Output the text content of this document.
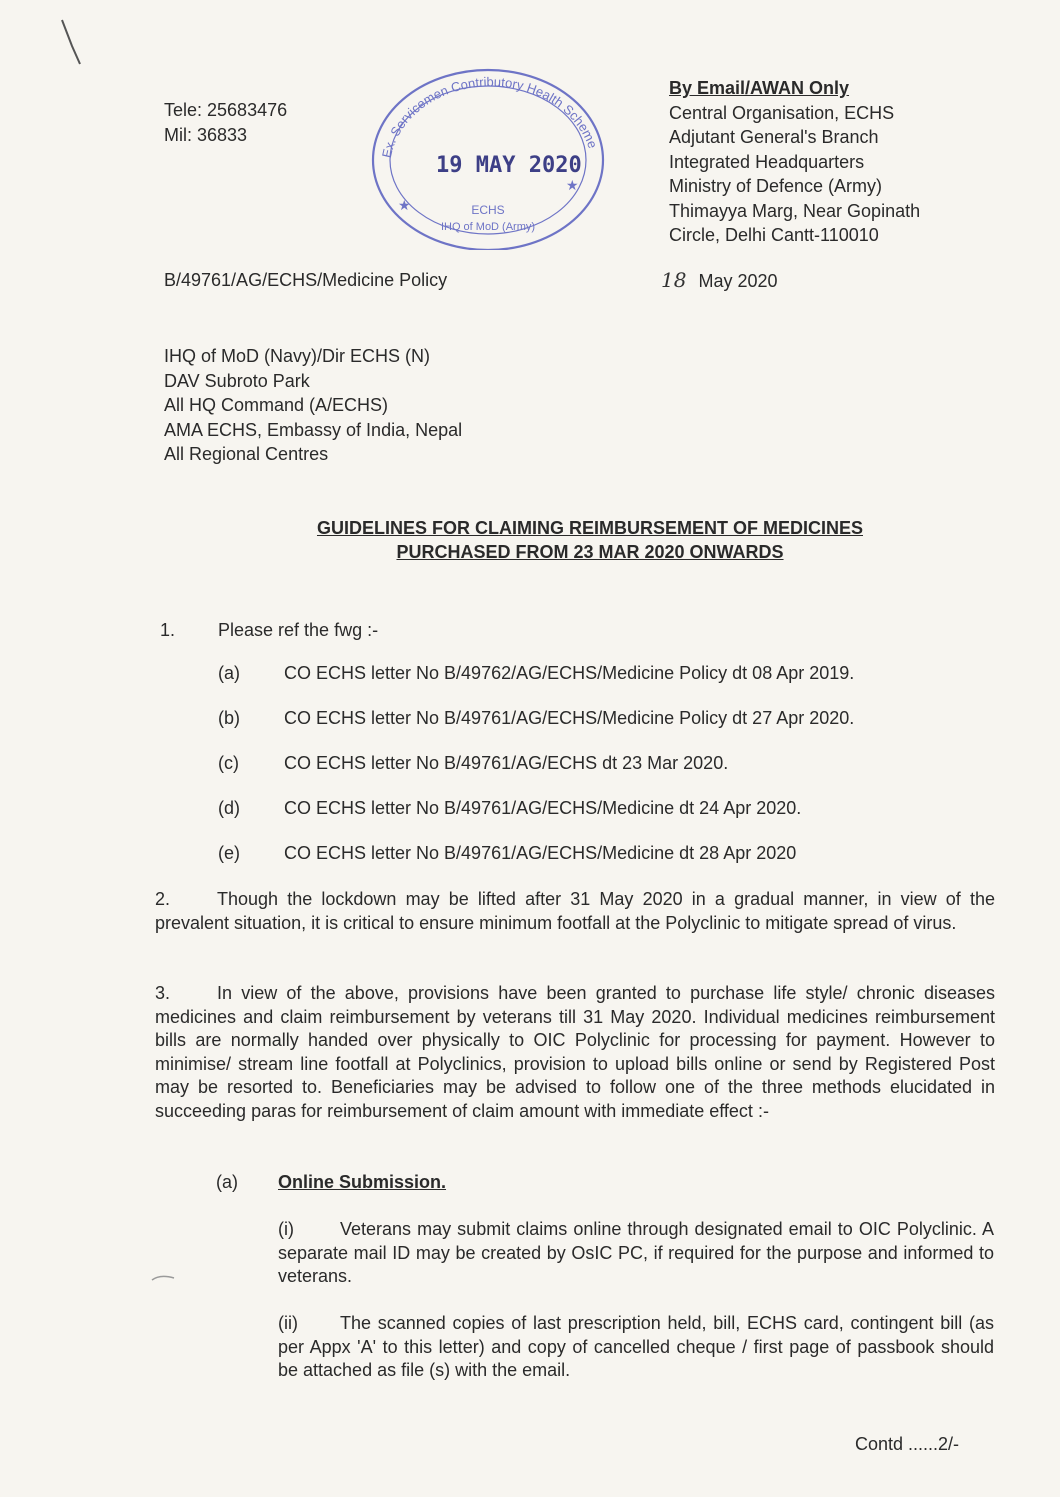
Tele: 25683476
Mil: 36833
Ex. Servicemen Contributory Health Scheme
19 MAY 2020
ECHS
IHQ of MoD (Army)
★
★
By Email/AWAN Only
Central Organisation, ECHS
Adjutant General's Branch
Integrated Headquarters
Ministry of Defence (Army)
Thimayya Marg, Near Gopinath
Circle, Delhi Cantt-110010
B/49761/AG/ECHS/Medicine Policy	18 May 2020
IHQ of MoD (Navy)/Dir ECHS (N)
DAV Subroto Park
All HQ Command (A/ECHS)
AMA ECHS, Embassy of India, Nepal
All Regional Centres
GUIDELINES FOR CLAIMING REIMBURSEMENT OF MEDICINES
PURCHASED FROM 23 MAR 2020 ONWARDS
1. Please ref the fwg :-
(a) CO ECHS letter No B/49762/AG/ECHS/Medicine Policy dt 08 Apr 2019.
(b) CO ECHS letter No B/49761/AG/ECHS/Medicine Policy dt 27 Apr 2020.
(c)	CO ECHS letter No B/49761/AG/ECHS dt 23 Mar 2020.
(d) CO ECHS letter No B/49761/AG/ECHS/Medicine dt 24 Apr 2020.
(e) CO ECHS letter No B/49761/AG/ECHS/Medicine dt 28 Apr 2020
2.	Though the lockdown may be lifted after 31 May 2020 in a gradual manner, in view of the prevalent situation, it is critical to ensure minimum footfall at the Polyclinic to mitigate spread of virus.
3.	In view of the above, provisions have been granted to purchase life style/ chronic diseases medicines and claim reimbursement by veterans till 31 May 2020. Individual medicines reimbursement bills are normally handed over physically to OIC Polyclinic for processing for payment. However to minimise/ stream line footfall at Polyclinics, provision to upload bills online or send by Registered Post may be resorted to. Beneficiaries may be advised to follow one of the three methods elucidated in succeeding paras for reimbursement of claim amount with immediate effect :-
(a) Online Submission.
(i)	Veterans may submit claims online through designated email to OIC Polyclinic. A separate mail ID may be created by OsIC PC, if required for the purpose and informed to veterans.
(ii) The scanned copies of last prescription held, bill, ECHS card, contingent bill (as per Appx 'A' to this letter) and copy of cancelled cheque / first page of passbook should be attached as file (s) with the email.
Contd ......2/-
